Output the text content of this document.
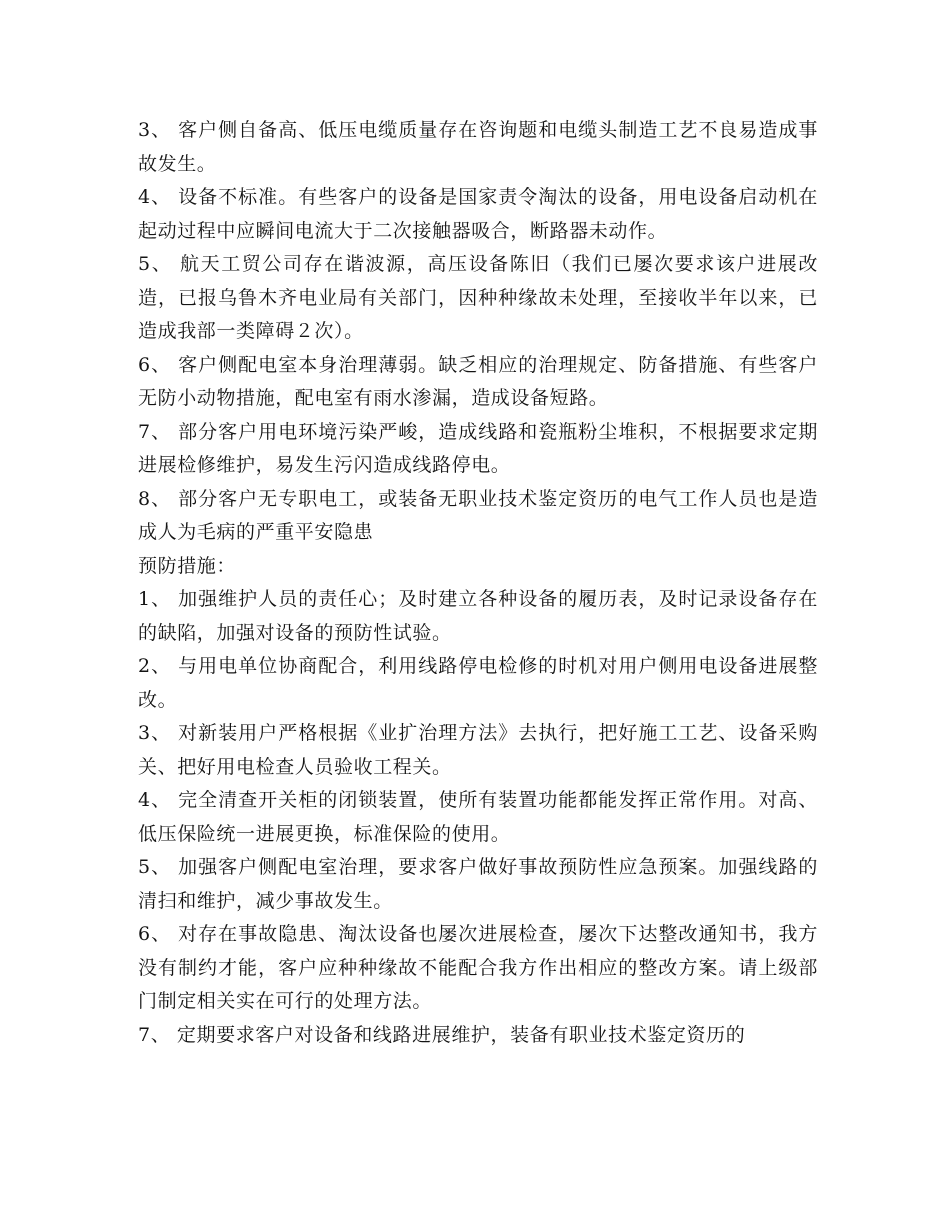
3、 客户侧自备高、低压电缆质量存在咨询题和电缆头制造工艺不良易造成事故发生。

4、 设备不标准。有些客户的设备是国家责令淘汰的设备，用电设备启动机在起动过程中应瞬间电流大于二次接触器吸合，断路器未动作。

5、 航天工贸公司存在谐波源，高压设备陈旧（我们已屡次要求该户进展改造，已报乌鲁木齐电业局有关部门，因种种缘故未处理，至接收半年以来，已造成我部一类障碍２次）。

6、 客户侧配电室本身治理薄弱。缺乏相应的治理规定、防备措施、有些客户无防小动物措施，配电室有雨水渗漏，造成设备短路。

7、 部分客户用电环境污染严峻，造成线路和瓷瓶粉尘堆积，不根据要求定期进展检修维护，易发生污闪造成线路停电。

8、 部分客户无专职电工，或装备无职业技术鉴定资历的电气工作人员也是造成人为毛病的严重平安隐患

预防措施：

1、 加强维护人员的责任心；及时建立各种设备的履历表，及时记录设备存在的缺陷，加强对设备的预防性试验。

2、 与用电单位协商配合，利用线路停电检修的时机对用户侧用电设备进展整改。

3、 对新装用户严格根据《业扩治理方法》去执行，把好施工工艺、设备采购关、把好用电检查人员验收工程关。

4、 完全清查开关柜的闭锁装置，使所有装置功能都能发挥正常作用。对高、低压保险统一进展更换，标准保险的使用。

5、 加强客户侧配电室治理，要求客户做好事故预防性应急预案。加强线路的清扫和维护，减少事故发生。

6、 对存在事故隐患、淘汰设备也屡次进展检查，屡次下达整改通知书，我方没有制约才能，客户应种种缘故不能配合我方作出相应的整改方案。请上级部门制定相关实在可行的处理方法。

7、 定期要求客户对设备和线路进展维护，装备有职业技术鉴定资历的
